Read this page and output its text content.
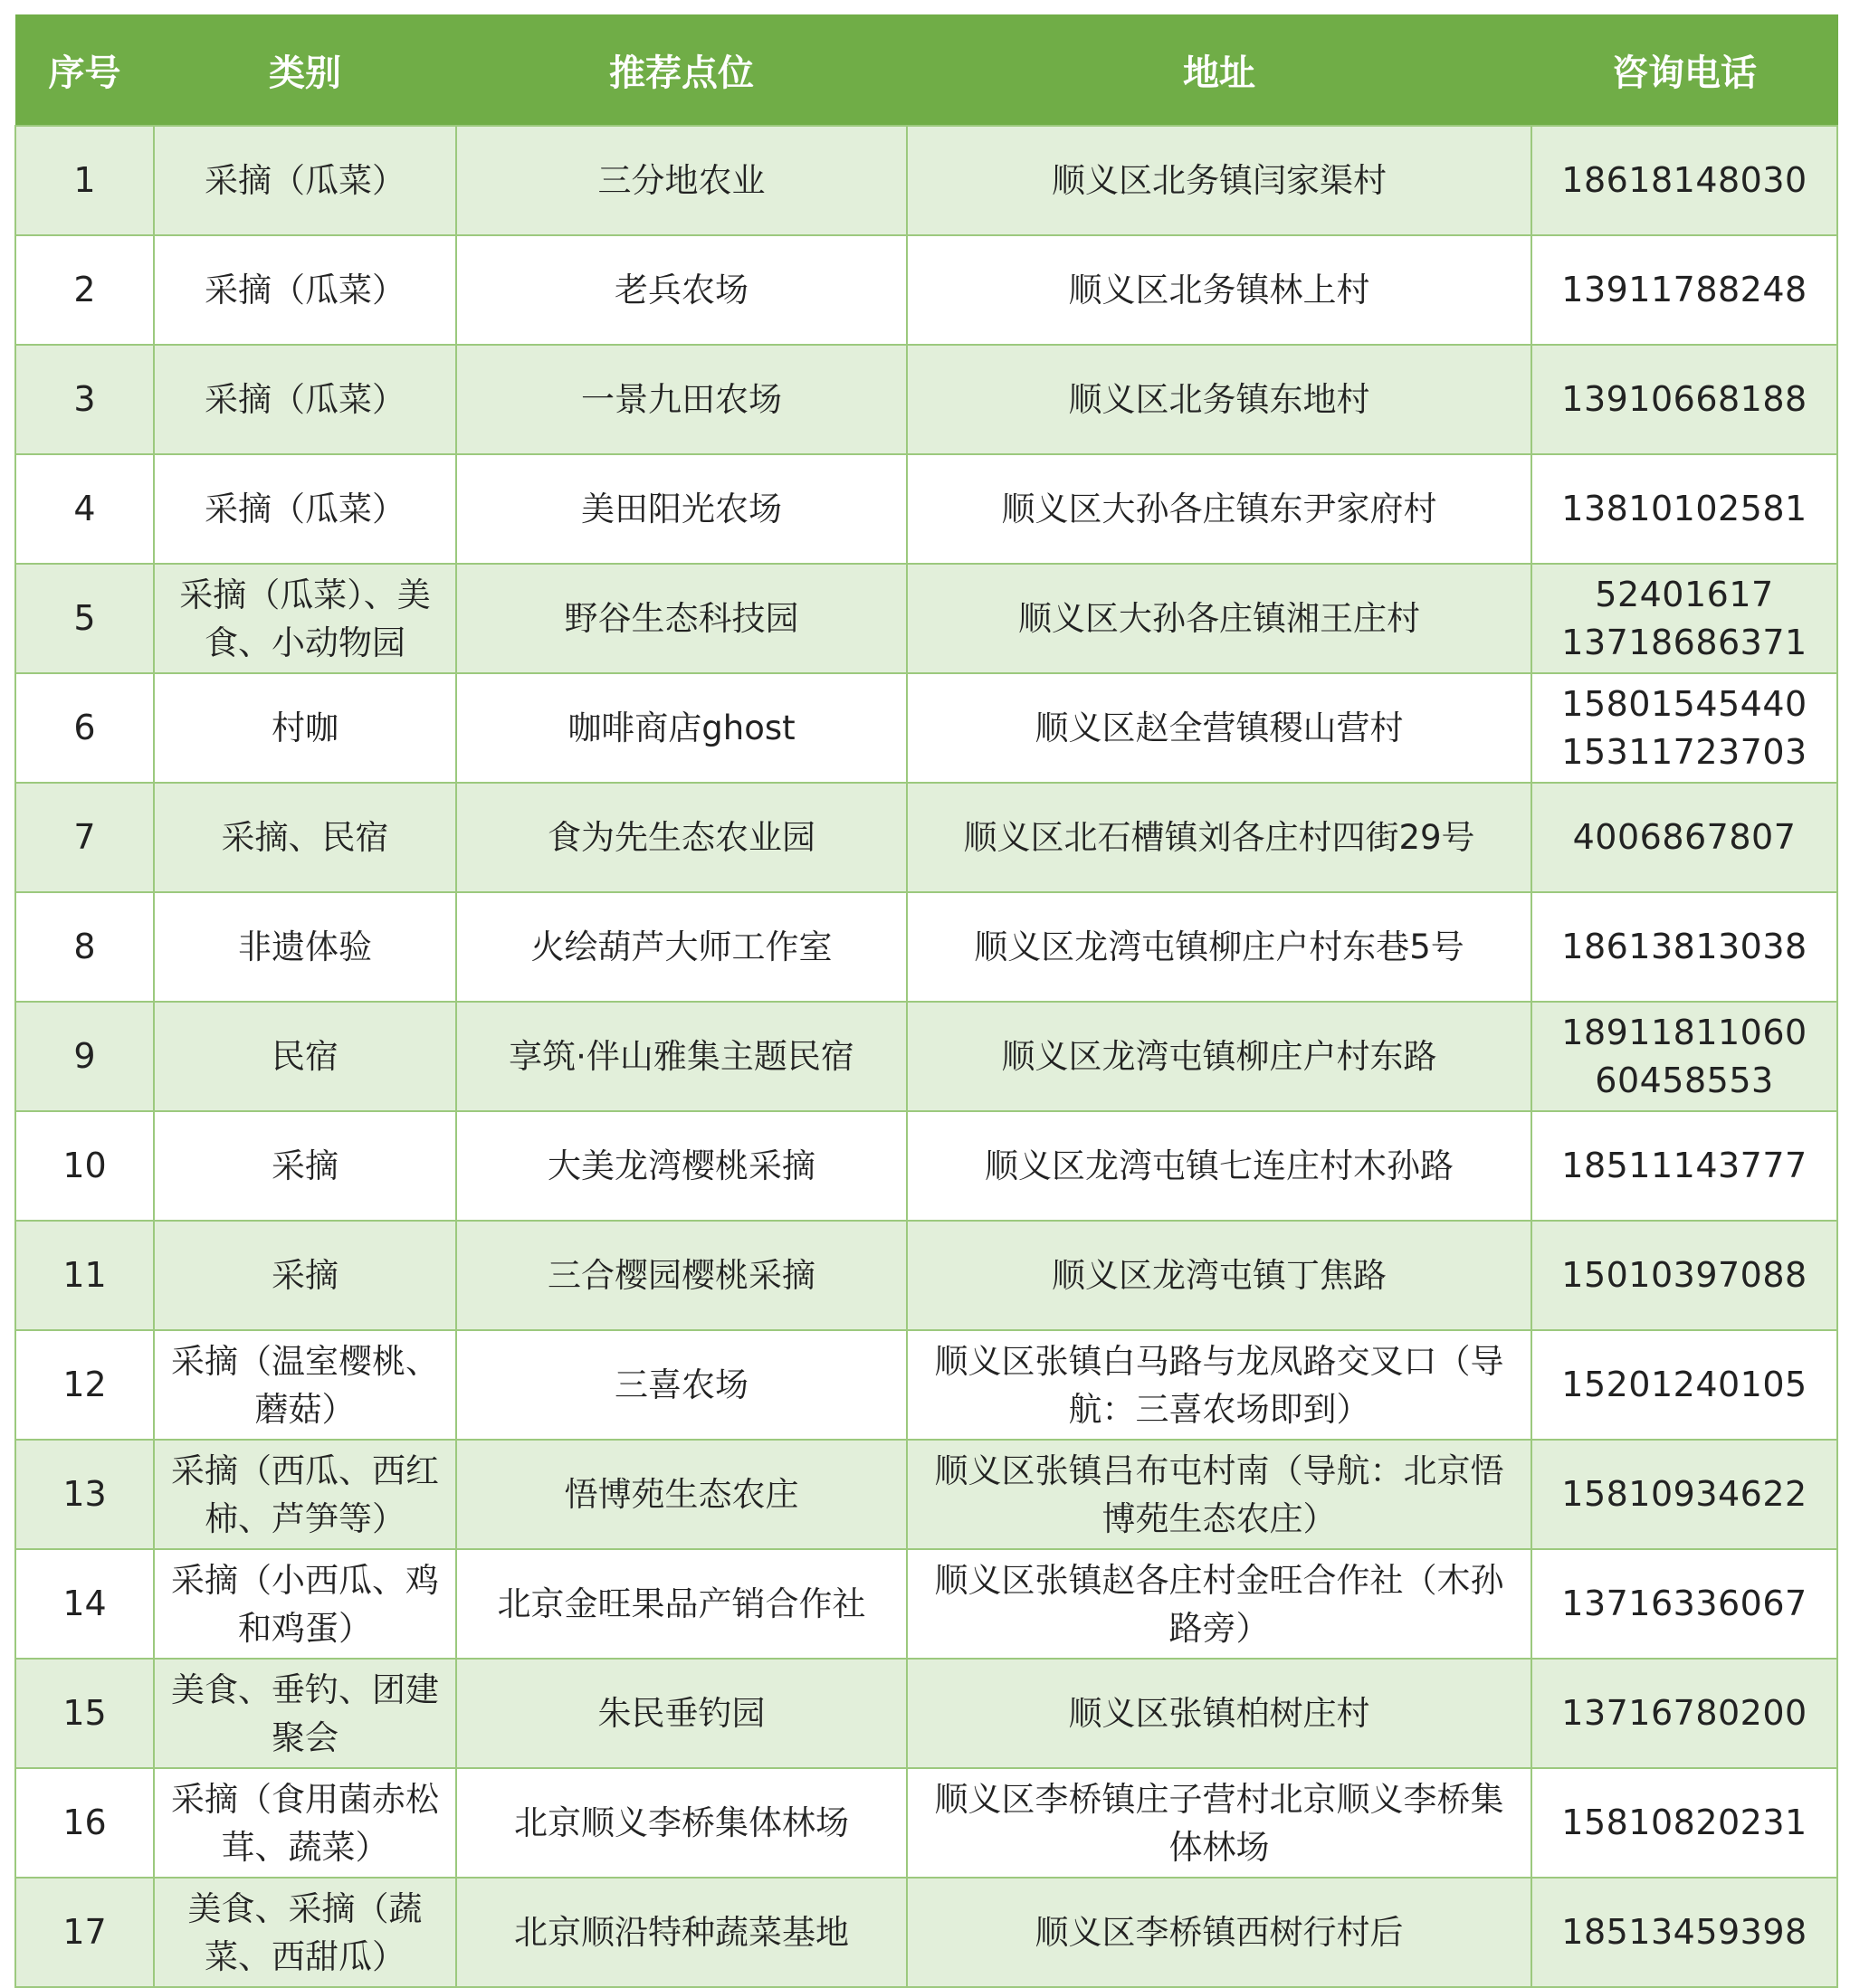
序号	类别	推荐点位	地址	咨询电话
1	采摘（瓜菜）	三分地农业	顺义区北务镇闫家渠村	18618148030

2	采摘（瓜菜）	老兵农场	顺义区北务镇林上村	13911788248

3	采摘（瓜菜）	一景九田农场	顺义区北务镇东地村	13910668188

4	采摘（瓜菜）	美田阳光农场	顺义区大孙各庄镇东尹家府村	13810102581

5	采摘（瓜菜）、美食、小动物园	野谷生态科技园	顺义区大孙各庄镇湘王庄村	52401617
13718686371

6	村咖	咖啡商店ghost	顺义区赵全营镇稷山营村	15801545440
15311723703

7	采摘、民宿	食为先生态农业园	顺义区北石槽镇刘各庄村四街29号	4006867807

8	非遗体验	火绘葫芦大师工作室	顺义区龙湾屯镇柳庄户村东巷5号	18613813038

9	民宿	享筑·伴山雅集主题民宿	顺义区龙湾屯镇柳庄户村东路	18911811060
60458553

10	采摘	大美龙湾樱桃采摘	顺义区龙湾屯镇七连庄村木孙路	18511143777

11	采摘	三合樱园樱桃采摘	顺义区龙湾屯镇丁焦路	15010397088

12	采摘（温室樱桃、蘑菇）	三喜农场	顺义区张镇白马路与龙凤路交叉口（导航：三喜农场即到）	15201240105

13	采摘（西瓜、西红柿、芦笋等）	悟博苑生态农庄	顺义区张镇吕布屯村南（导航：北京悟博苑生态农庄）	15810934622

14	采摘（小西瓜、鸡和鸡蛋）	北京金旺果品产销合作社	顺义区张镇赵各庄村金旺合作社（木孙路旁）	13716336067

15	美食、垂钓、团建聚会	朱民垂钓园	顺义区张镇柏树庄村	13716780200

16	采摘（食用菌赤松茸、蔬菜）	北京顺义李桥集体林场	顺义区李桥镇庄子营村北京顺义李桥集体林场	15810820231

17	美食、采摘（蔬菜、西甜瓜）	北京顺沿特种蔬菜基地	顺义区李桥镇西树行村后	18513459398
